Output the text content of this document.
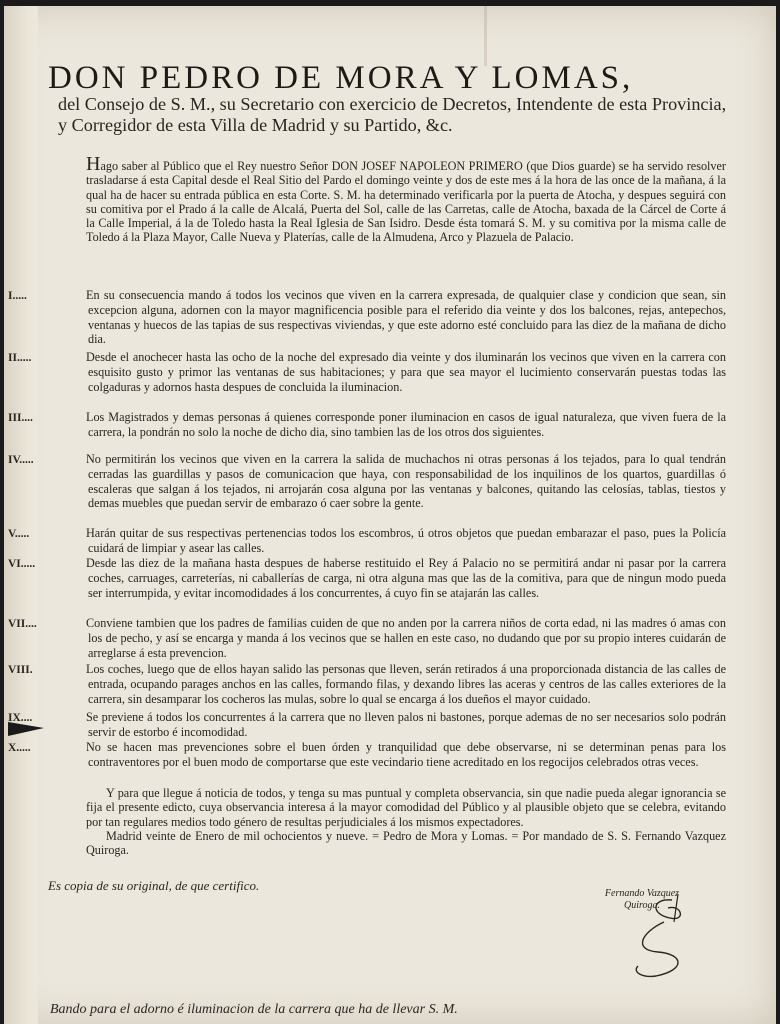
DON PEDRO DE MORA Y LOMAS,
del Consejo de S. M., su Secretario con exercicio de Decretos, Intendente de esta Provincia, y Corregidor de esta Villa de Madrid y su Partido, &c.
Hago saber al Público que el Rey nuestro Señor DON JOSEF NAPOLEON PRIMERO (que Dios guarde) se ha servido resolver trasladarse á esta Capital desde el Real Sitio del Pardo el domingo veinte y dos de este mes á la hora de las once de la mañana, á la qual ha de hacer su entrada pública en esta Corte. S. M. ha determinado verificarla por la puerta de Atocha, y despues seguirá con su comitiva por el Prado á la calle de Alcalá, Puerta del Sol, calle de las Carretas, calle de Atocha, baxada de la Cárcel de Corte á la Calle Imperial, á la de Toledo hasta la Real Iglesia de San Isidro. Desde ésta tomará S. M. y su comitiva por la misma calle de Toledo á la Plaza Mayor, Calle Nueva y Platerías, calle de la Almudena, Arco y Plazuela de Palacio.
I.....	En su consecuencia mando á todos los vecinos que viven en la carrera expresada, de qualquier clase y condicion que sean, sin excepcion alguna, adornen con la mayor magnificencia posible para el referido dia veinte y dos los balcones, rejas, antepechos, ventanas y huecos de las tapias de sus respectivas viviendas, y que este adorno esté concluido para las diez de la mañana de dicho dia.
II.....	Desde el anochecer hasta las ocho de la noche del expresado dia veinte y dos iluminarán los vecinos que viven en la carrera con esquisito gusto y primor las ventanas de sus habitaciones; y para que sea mayor el lucimiento conservarán puestas todas las colgaduras y adornos hasta despues de concluida la iluminacion.
III....	Los Magistrados y demas personas á quienes corresponde poner iluminacion en casos de igual naturaleza, que viven fuera de la carrera, la pondrán no solo la noche de dicho dia, sino tambien las de los otros dos siguientes.
IV.....	No permitirán los vecinos que viven en la carrera la salida de muchachos ni otras personas á los tejados, para lo qual tendrán cerradas las guardillas y pasos de comunicacion que haya, con responsabilidad de los inquilinos de los quartos, guardillas ó escaleras que salgan á los tejados, ni arrojarán cosa alguna por las ventanas y balcones, quitando las celosías, tablas, tiestos y demas muebles que puedan servir de embarazo ó caer sobre la gente.
V.....	Harán quitar de sus respectivas pertenencias todos los escombros, ú otros objetos que puedan embarazar el paso, pues la Policía cuidará de limpiar y asear las calles.
VI.....	Desde las diez de la mañana hasta despues de haberse restituido el Rey á Palacio no se permitirá andar ni pasar por la carrera coches, carruages, carreterías, ni caballerías de carga, ni otra alguna mas que las de la comitiva, para que de ningun modo pueda ser interrumpida, y evitar incomodidades á los concurrentes, á cuyo fin se atajarán las calles.
VII....	Conviene tambien que los padres de familias cuiden de que no anden por la carrera niños de corta edad, ni las madres ó amas con los de pecho, y así se encarga y manda á los vecinos que se hallen en este caso, no dudando que por su propio interes cuidarán de arreglarse á esta prevencion.
VIII.	Los coches, luego que de ellos hayan salido las personas que lleven, serán retirados á una proporcionada distancia de las calles de entrada, ocupando parages anchos en las calles, formando filas, y dexando libres las aceras y centros de las calles exteriores de la carrera, sin desamparar los cocheros las mulas, sobre lo qual se encarga á los dueños el mayor cuidado.
IX....	Se previene á todos los concurrentes á la carrera que no lleven palos ni bastones, porque ademas de no ser necesarios solo podrán servir de estorbo é incomodidad.
X.....	No se hacen mas prevenciones sobre el buen órden y tranquilidad que debe observarse, ni se determinan penas para los contraventores por el buen modo de comportarse que este vecindario tiene acreditado en los regocijos celebrados otras veces.
Y para que llegue á noticia de todos, y tenga su mas puntual y completa observancia, sin que nadie pueda alegar ignorancia se fija el presente edicto, cuya observancia interesa á la mayor comodidad del Público y al plausible objeto que se celebra, evitando por tan regulares medios todo género de resultas perjudiciales á los mismos expectadores.
Madrid veinte de Enero de mil ochocientos y nueve. = Pedro de Mora y Lomas. = Por mandado de S. S. Fernando Vazquez Quiroga.
Es copia de su original, de que certifico.
Fernando Vazquez
Quiroga.
Bando para el adorno é iluminacion de la carrera que ha de llevar S. M.
